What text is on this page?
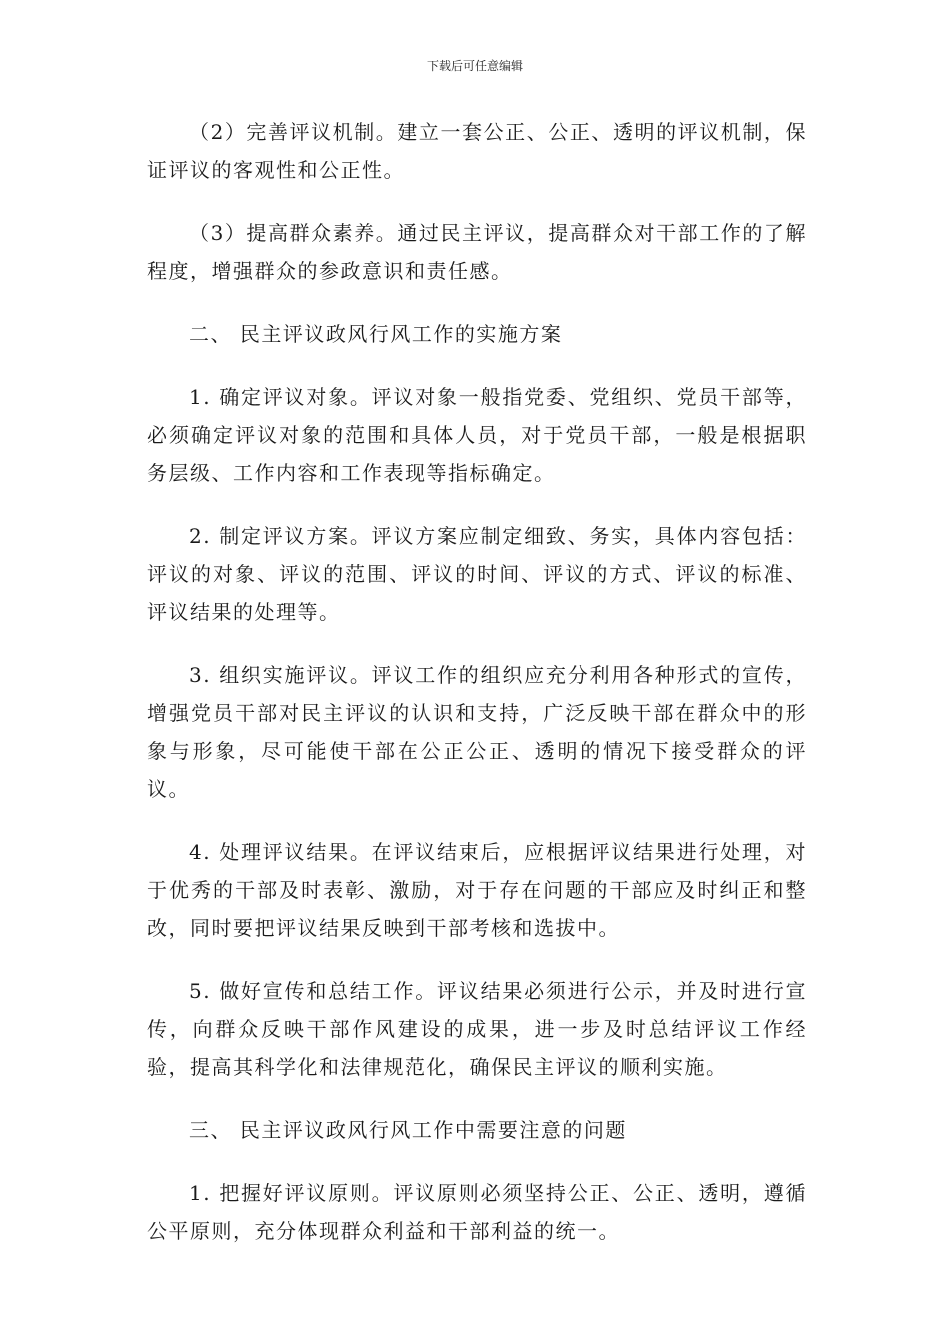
下载后可任意编辑

（2）完善评议机制。建立一套公正、公正、透明的评议机制，保证评议的客观性和公正性。

（3）提高群众素养。通过民主评议，提高群众对干部工作的了解程度，增强群众的参政意识和责任感。

二、 民主评议政风行风工作的实施方案

1. 确定评议对象。评议对象一般指党委、党组织、党员干部等，必须确定评议对象的范围和具体人员，对于党员干部，一般是根据职务层级、工作内容和工作表现等指标确定。

2. 制定评议方案。评议方案应制定细致、务实，具体内容包括：评议的对象、评议的范围、评议的时间、评议的方式、评议的标准、评议结果的处理等。

3. 组织实施评议。评议工作的组织应充分利用各种形式的宣传，增强党员干部对民主评议的认识和支持，广泛反映干部在群众中的形象与形象，尽可能使干部在公正公正、透明的情况下接受群众的评议。

4. 处理评议结果。在评议结束后，应根据评议结果进行处理，对于优秀的干部及时表彰、激励，对于存在问题的干部应及时纠正和整改，同时要把评议结果反映到干部考核和选拔中。

5. 做好宣传和总结工作。评议结果必须进行公示，并及时进行宣传，向群众反映干部作风建设的成果，进一步及时总结评议工作经验，提高其科学化和法律规范化，确保民主评议的顺利实施。

三、 民主评议政风行风工作中需要注意的问题

1. 把握好评议原则。评议原则必须坚持公正、公正、透明，遵循公平原则，充分体现群众利益和干部利益的统一。
